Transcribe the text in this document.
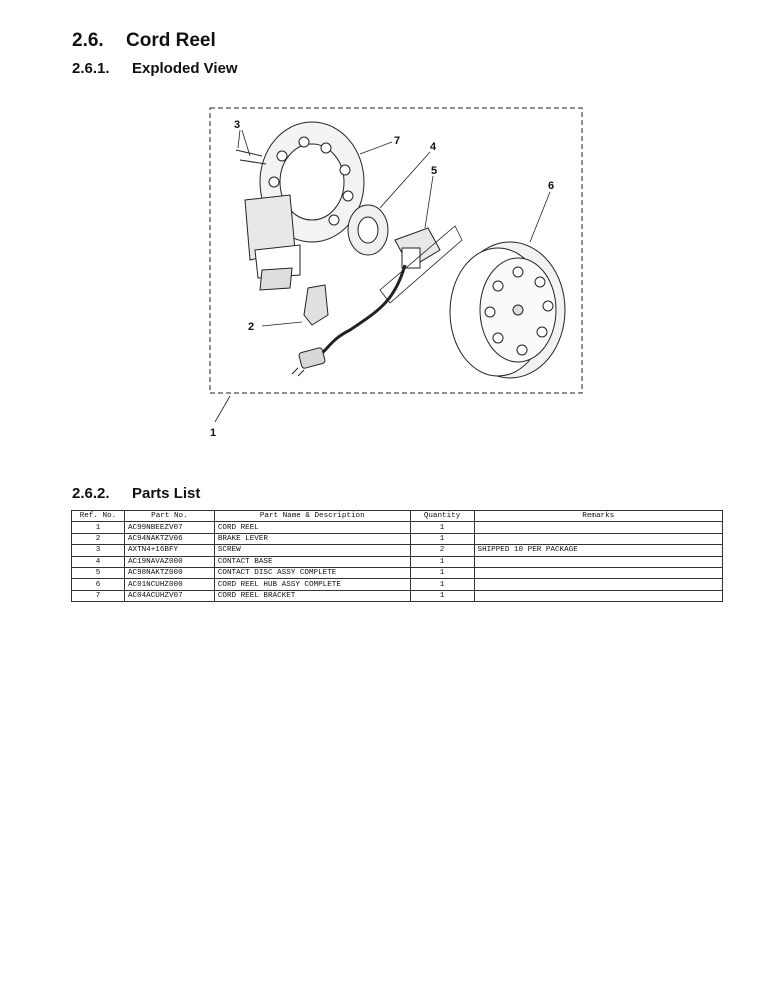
2.6. Cord Reel
2.6.1. Exploded View
1
3
7	4
5
2
6
2.6.2. Parts List
Ref. No.	Part No.	Part Name & Description	Quantity	Remarks
1	AC99NBEEZV07	CORD REEL	1	
2	AC94NAKTZV06	BRAKE LEVER	1	
3	AXTN4+16BFY	SCREW	2	SHIPPED 10 PER PACKAGE
4	AC19NAVAZ000	CONTACT BASE	1	
5	AC98NAKTZ000	CONTACT DISC ASSY COMPLETE	1	
6	AC01NCUHZ000	CORD REEL HUB ASSY COMPLETE	1	
7	AC04ACUHZV07	CORD REEL BRACKET	1	
